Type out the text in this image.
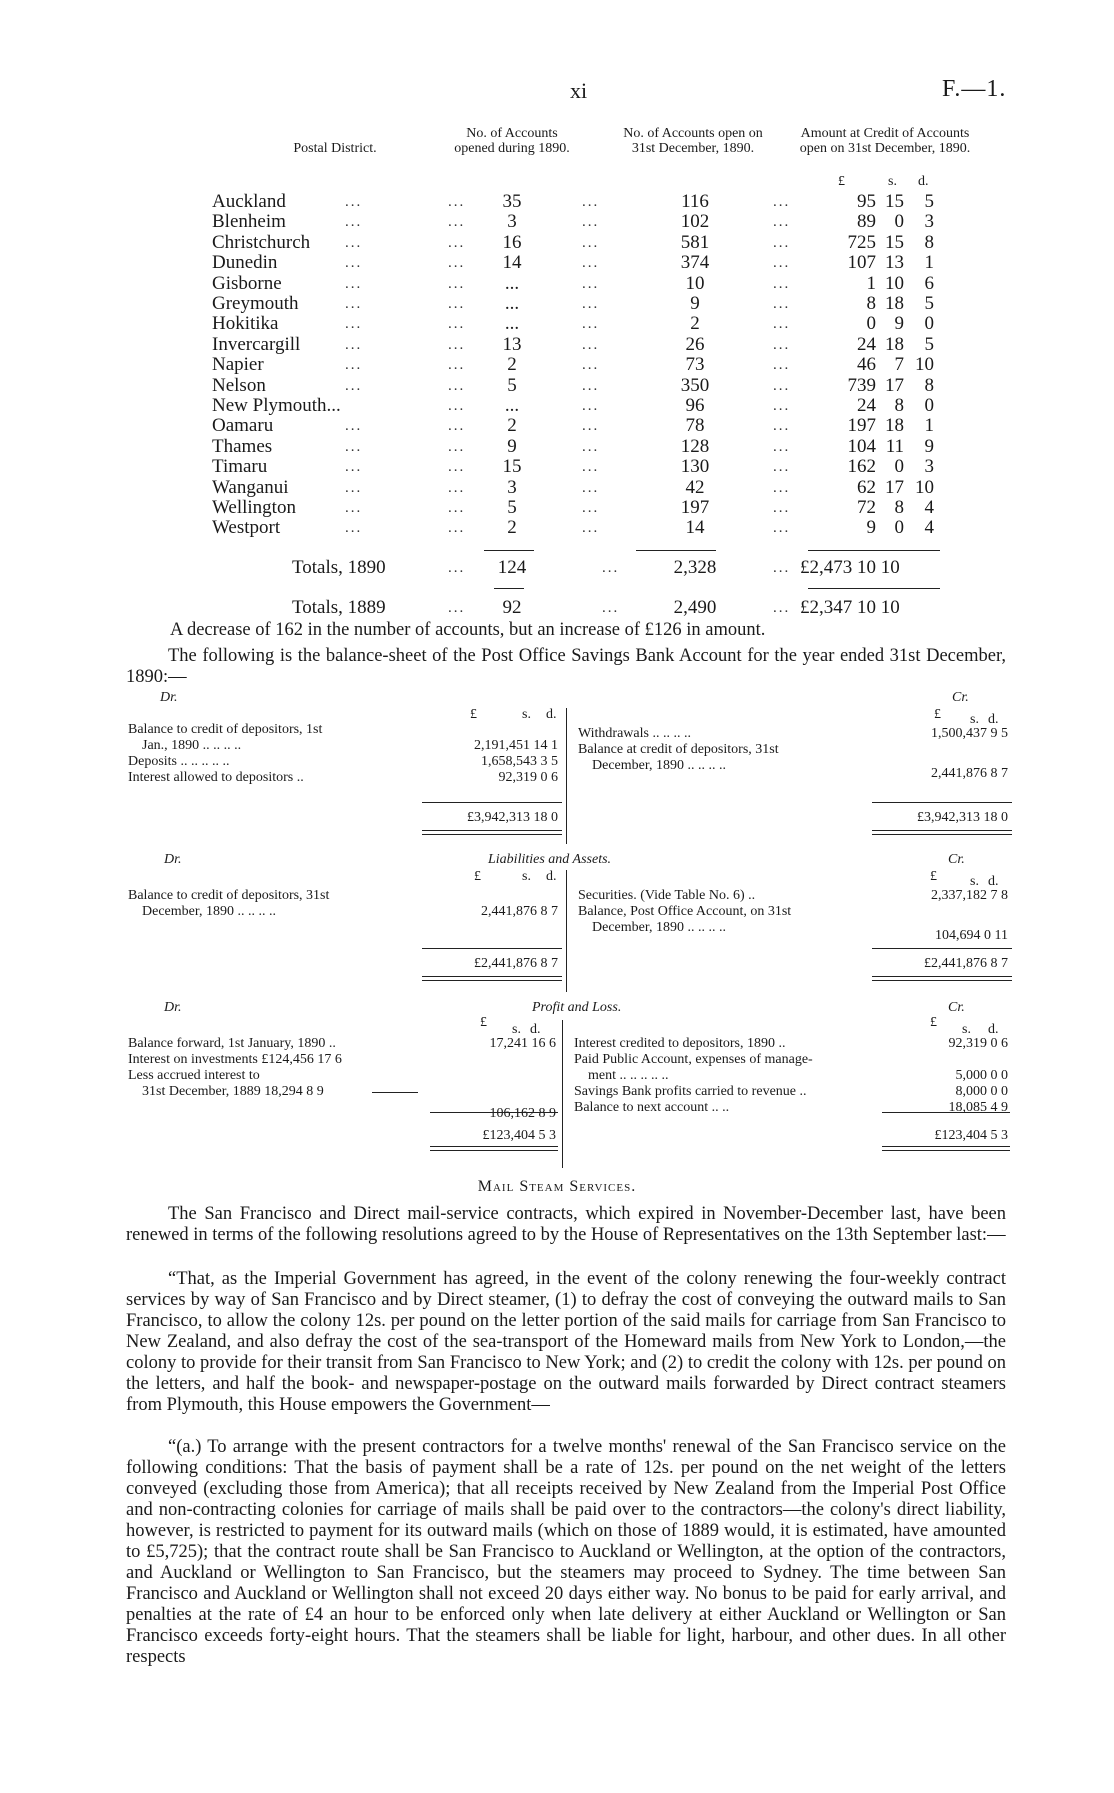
xi	F.—1.
Postal District.
No. of Accounts opened during 1890.
No. of Accounts open on 31st December, 1890.
Amount at Credit of Accounts open on 31st December, 1890.
£	s. d.
Auckland	...	...	35	...	116	...	95 15	5
Blenheim	...	...	3	...	102	...	89 0	3
Christchurch ...	...	16	...	581	...	725 15	8
Dunedin	...	...	14	...	374	...	107 13	1
Gisborne	...	...	...	...	10	...	1 10	6
Greymouth	...	...	...	...	9	...	8 18	5
Hokitika	...	...	...	...	2	...	0 9	0
Invercargill	...	...	13	...	26	...	24 18	5
Napier	...	...	2	...	73	...	46 7 10
Nelson	...	...	5	...	350	...	739 17	8
New Plymouth...	...	...	...	96	...	24 8	0
Oamaru	...	...	2	...	78	...	197 18	1
Thames	...	...	9	...	128	...	104 11	9
Timaru	...	...	15	...	130	...	162 0	3
Wanganui	...	...	3	...	42	...	62 17 10
Wellington	...	...	5	...	197	...	72 8	4
Westport	...	...	2	...	14	...	9 0	4
Totals, 1890	...	124	...	2,328	... £2,473 10 10
Totals, 1889	...	92	...	2,490	... £2,347 10 10
A decrease of 162 in the number of accounts, but an increase of £126 in amount.
The following is the balance-sheet of the Post Office Savings Bank Account for the year ended 31st December, 1890:—
Dr.	Cr.
£	s. d.	£ s. d.
Balance to credit of depositors, 1st
Jan., 1890 .. .. .. ..	2,191,451 14 1
Deposits .. .. .. .. ..	1,658,543 3 5
Interest allowed to depositors ..	92,319 0 6
Withdrawals .. .. .. ..	1,500,437 9 5
Balance at credit of depositors, 31st
December, 1890 .. .. .. ..
2,441,876 8 7
£3,942,313 18 0	£3,942,313 18 0
Dr.	Liabilities and Assets.	Cr.
£	s. d.	£ s. d.
Balance to credit of depositors, 31st
December, 1890 .. .. .. ..	2,441,876 8 7
Securities. (Vide Table No. 6) ..	2,337,182 7 8
Balance, Post Office Account, on 31st
December, 1890 .. .. .. ..
104,694 0 11
£2,441,876 8 7	£2,441,876 8 7
Dr.	Profit and Loss.	Cr.
£ s. d.	£ s. d.
Balance forward, 1st January, 1890 ..	17,241 16 6
Interest on investments £124,456 17 6
Less accrued interest to
31st December, 1889 18,294 8 9
106,162 8 9
Interest credited to depositors, 1890 ..	92,319 0 6
Paid Public Account, expenses of manage-
ment .. .. .. .. ..	5,000 0 0
Savings Bank profits carried to revenue ..	8,000 0 0
Balance to next account .. ..	18,085 4 9
£123,404 5 3	£123,404 5 3
Mail Steam Services.
The San Francisco and Direct mail-service contracts, which expired in November-December last, have been renewed in terms of the following resolutions agreed to by the House of Representatives on the 13th September last:—
“That, as the Imperial Government has agreed, in the event of the colony renewing the four-weekly contract services by way of San Francisco and by Direct steamer, (1) to defray the cost of conveying the outward mails to San Francisco, to allow the colony 12s. per pound on the letter portion of the said mails for carriage from San Francisco to New Zealand, and also defray the cost of the sea-transport of the Homeward mails from New York to London,—the colony to provide for their transit from San Francisco to New York; and (2) to credit the colony with 12s. per pound on the letters, and half the book- and newspaper-postage on the outward mails forwarded by Direct contract steamers from Plymouth, this House empowers the Government—
“(a.) To arrange with the present contractors for a twelve months' renewal of the San Francisco service on the following conditions: That the basis of payment shall be a rate of 12s. per pound on the net weight of the letters conveyed (excluding those from America); that all receipts received by New Zealand from the Imperial Post Office and non-contracting colonies for carriage of mails shall be paid over to the contractors—the colony's direct liability, however, is restricted to payment for its outward mails (which on those of 1889 would, it is estimated, have amounted to £5,725); that the contract route shall be San Francisco to Auckland or Wellington, at the option of the contractors, and Auckland or Wellington to San Francisco, but the steamers may proceed to Sydney. The time between San Francisco and Auckland or Wellington shall not exceed 20 days either way. No bonus to be paid for early arrival, and penalties at the rate of £4 an hour to be enforced only when late delivery at either Auckland or Wellington or San Francisco exceeds forty-eight hours. That the steamers shall be liable for light, harbour, and other dues. In all other respects
